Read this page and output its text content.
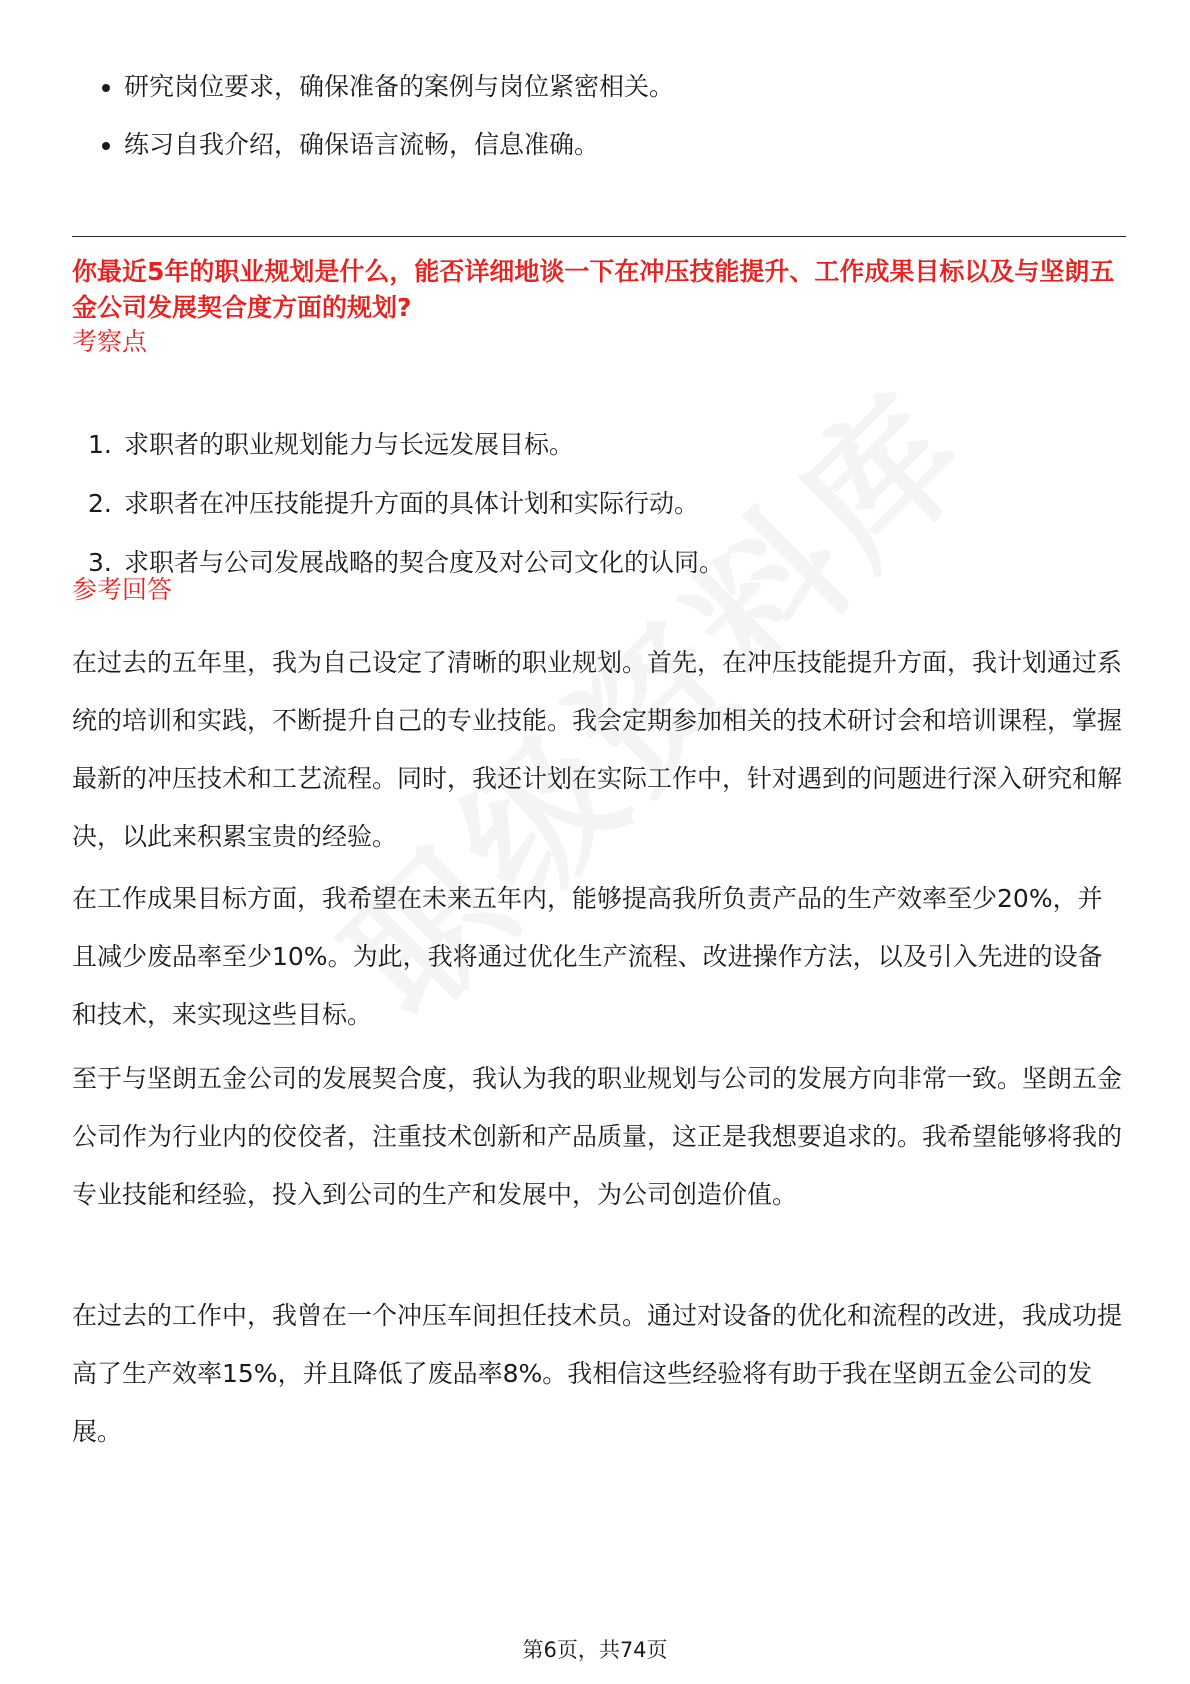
研究岗位要求，确保准备的案例与岗位紧密相关。
练习自我介绍，确保语言流畅，信息准确。
你最近5年的职业规划是什么，能否详细地谈一下在冲压技能提升、工作成果目标以及与坚朗五金公司发展契合度方面的规划?
考察点
1. 求职者的职业规划能力与长远发展目标。
2. 求职者在冲压技能提升方面的具体计划和实际行动。
3. 求职者与公司发展战略的契合度及对公司文化的认同。
参考回答

在过去的五年里，我为自己设定了清晰的职业规划。首先，在冲压技能提升方面，我计划通过系统的培训和实践，不断提升自己的专业技能。我会定期参加相关的技术研讨会和培训课程，掌握最新的冲压技术和工艺流程。同时，我还计划在实际工作中，针对遇到的问题进行深入研究和解决，以此来积累宝贵的经验。

在工作成果目标方面，我希望在未来五年内，能够提高我所负责产品的生产效率至少20%，并且减少废品率至少10%。为此，我将通过优化生产流程、改进操作方法，以及引入先进的设备和技术，来实现这些目标。

至于与坚朗五金公司的发展契合度，我认为我的职业规划与公司的发展方向非常一致。坚朗五金公司作为行业内的佼佼者，注重技术创新和产品质量，这正是我想要追求的。我希望能够将我的专业技能和经验，投入到公司的生产和发展中，为公司创造价值。

在过去的工作中，我曾在一个冲压车间担任技术员。通过对设备的优化和流程的改进，我成功提高了生产效率15%，并且降低了废品率8%。我相信这些经验将有助于我在坚朗五金公司的发展。

第6页，共74页
